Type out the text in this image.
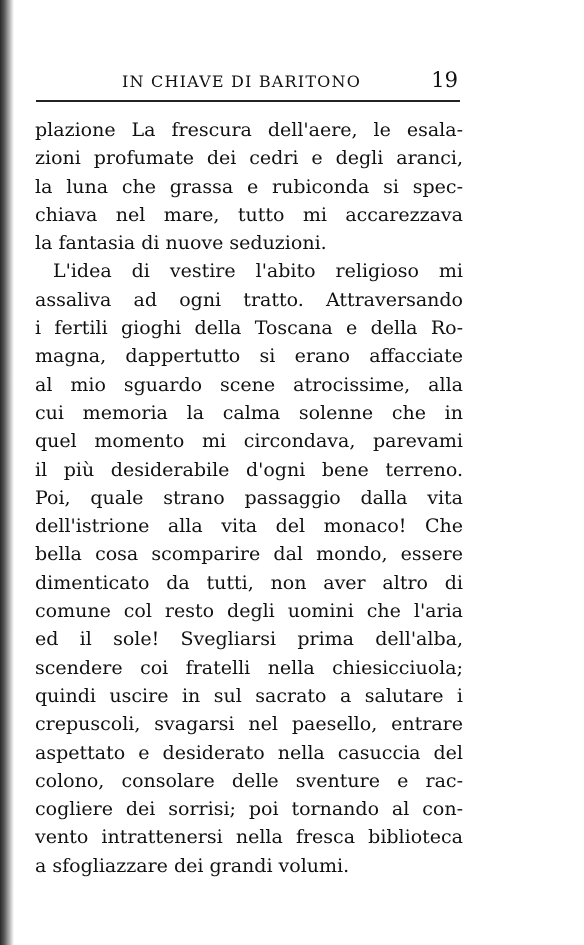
IN CHIAVE DI BARITONO	19
plazione La frescura dell'aere, le esala-
zioni profumate dei cedri e degli aranci,
la luna che grassa e rubiconda si spec-
chiava nel mare, tutto mi accarezzava
la fantasia di nuove seduzioni.
L'idea di vestire l'abito religioso mi
assaliva ad ogni tratto. Attraversando
i fertili gioghi della Toscana e della Ro-
magna, dappertutto si erano affacciate
al mio sguardo scene atrocissime, alla
cui memoria la calma solenne che in
quel momento mi circondava, parevami
il più desiderabile d'ogni bene terreno.
Poi, quale strano passaggio dalla vita
dell'istrione alla vita del monaco! Che
bella cosa scomparire dal mondo, essere
dimenticato da tutti, non aver altro di
comune col resto degli uomini che l'aria
ed il sole! Svegliarsi prima dell'alba,
scendere coi fratelli nella chiesicciuola;
quindi uscire in sul sacrato a salutare i
crepuscoli, svagarsi nel paesello, entrare
aspettato e desiderato nella casuccia del
colono, consolare delle sventure e rac-
cogliere dei sorrisi; poi tornando al con-
vento intrattenersi nella fresca biblioteca
a sfogliazzare dei grandi volumi.
